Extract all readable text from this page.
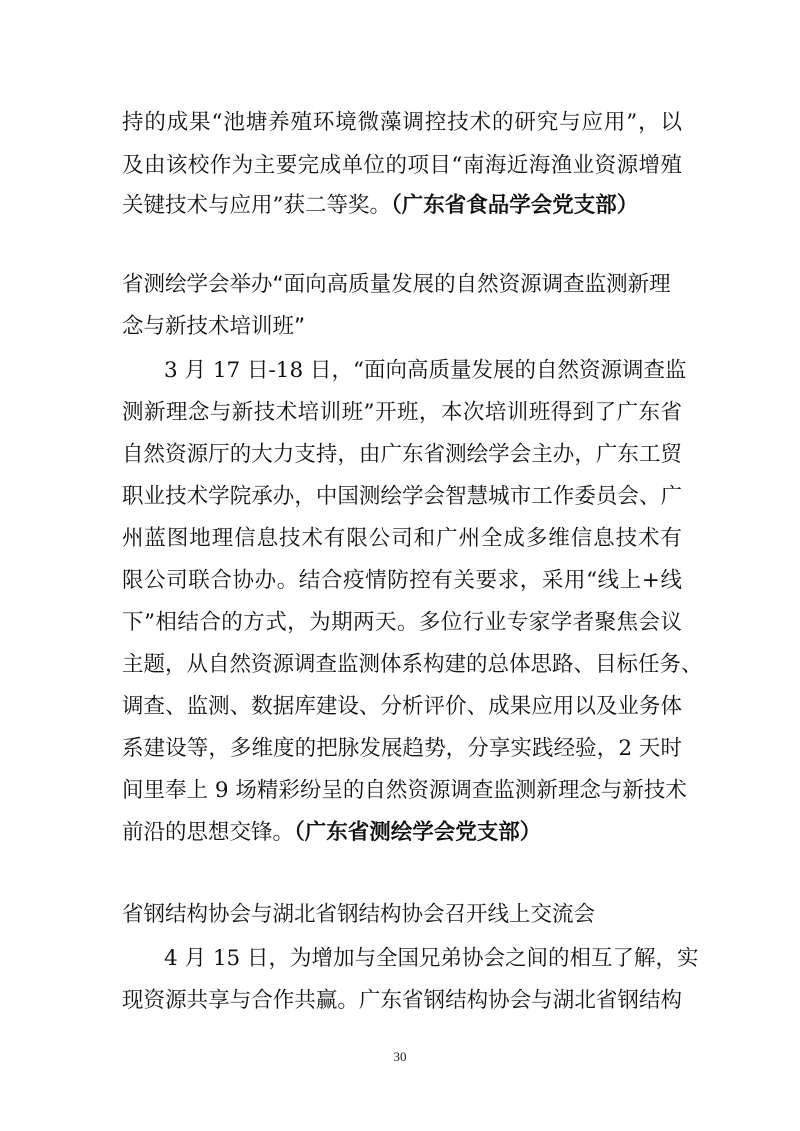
持的成果“池塘养殖环境微藻调控技术的研究与应用”，以
及由该校作为主要完成单位的项目“南海近海渔业资源增殖
关键技术与应用”获二等奖。（广东省食品学会党支部）
省测绘学会举办“面向高质量发展的自然资源调查监测新理
念与新技术培训班”
3 月 17 日-18 日，“面向高质量发展的自然资源调查监
测新理念与新技术培训班”开班，本次培训班得到了广东省
自然资源厅的大力支持，由广东省测绘学会主办，广东工贸
职业技术学院承办，中国测绘学会智慧城市工作委员会、广
州蓝图地理信息技术有限公司和广州全成多维信息技术有
限公司联合协办。结合疫情防控有关要求，采用“线上+线
下”相结合的方式，为期两天。多位行业专家学者聚焦会议
主题，从自然资源调查监测体系构建的总体思路、目标任务、
调查、监测、数据库建设、分析评价、成果应用以及业务体
系建设等，多维度的把脉发展趋势，分享实践经验，2 天时
间里奉上 9 场精彩纷呈的自然资源调查监测新理念与新技术
前沿的思想交锋。（广东省测绘学会党支部）
省钢结构协会与湖北省钢结构协会召开线上交流会
4 月 15 日，为增加与全国兄弟协会之间的相互了解，实
现资源共享与合作共赢。广东省钢结构协会与湖北省钢结构
30
